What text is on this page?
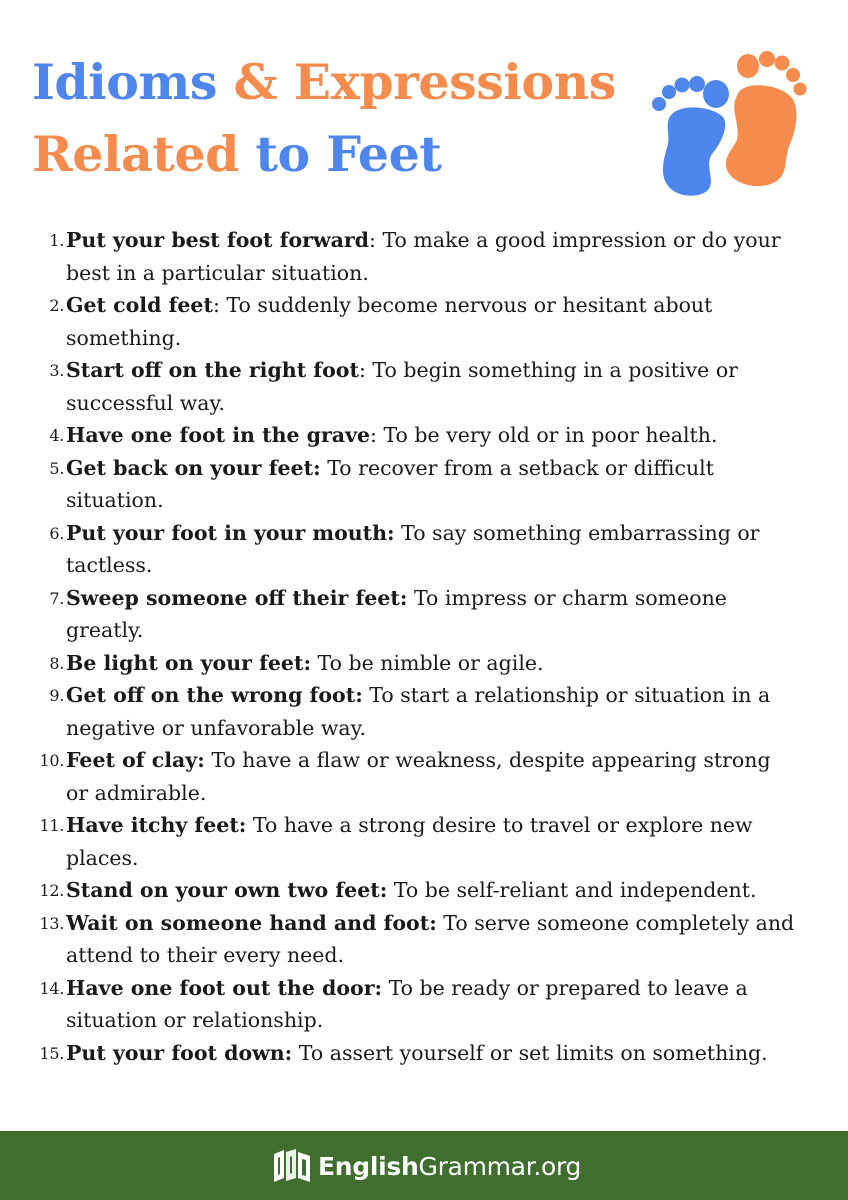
Idioms & Expressions
Related to Feet
1. Put your best foot forward: To make a good impression or do your
best in a particular situation.
2. Get cold feet: To suddenly become nervous or hesitant about
something.
3. Start off on the right foot: To begin something in a positive or
successful way.
4. Have one foot in the grave: To be very old or in poor health.
5. Get back on your feet: To recover from a setback or difficult
situation.
6. Put your foot in your mouth: To say something embarrassing or
tactless.
7. Sweep someone off their feet: To impress or charm someone
greatly.
8. Be light on your feet: To be nimble or agile.
9. Get off on the wrong foot: To start a relationship or situation in a
negative or unfavorable way.
10. Feet of clay: To have a flaw or weakness, despite appearing strong
or admirable.
11. Have itchy feet: To have a strong desire to travel or explore new
places.
12. Stand on your own two feet: To be self-reliant and independent.
13. Wait on someone hand and foot: To serve someone completely and
attend to their every need.
14. Have one foot out the door: To be ready or prepared to leave a
situation or relationship.
15. Put your foot down: To assert yourself or set limits on something.
EnglishGrammar.org
